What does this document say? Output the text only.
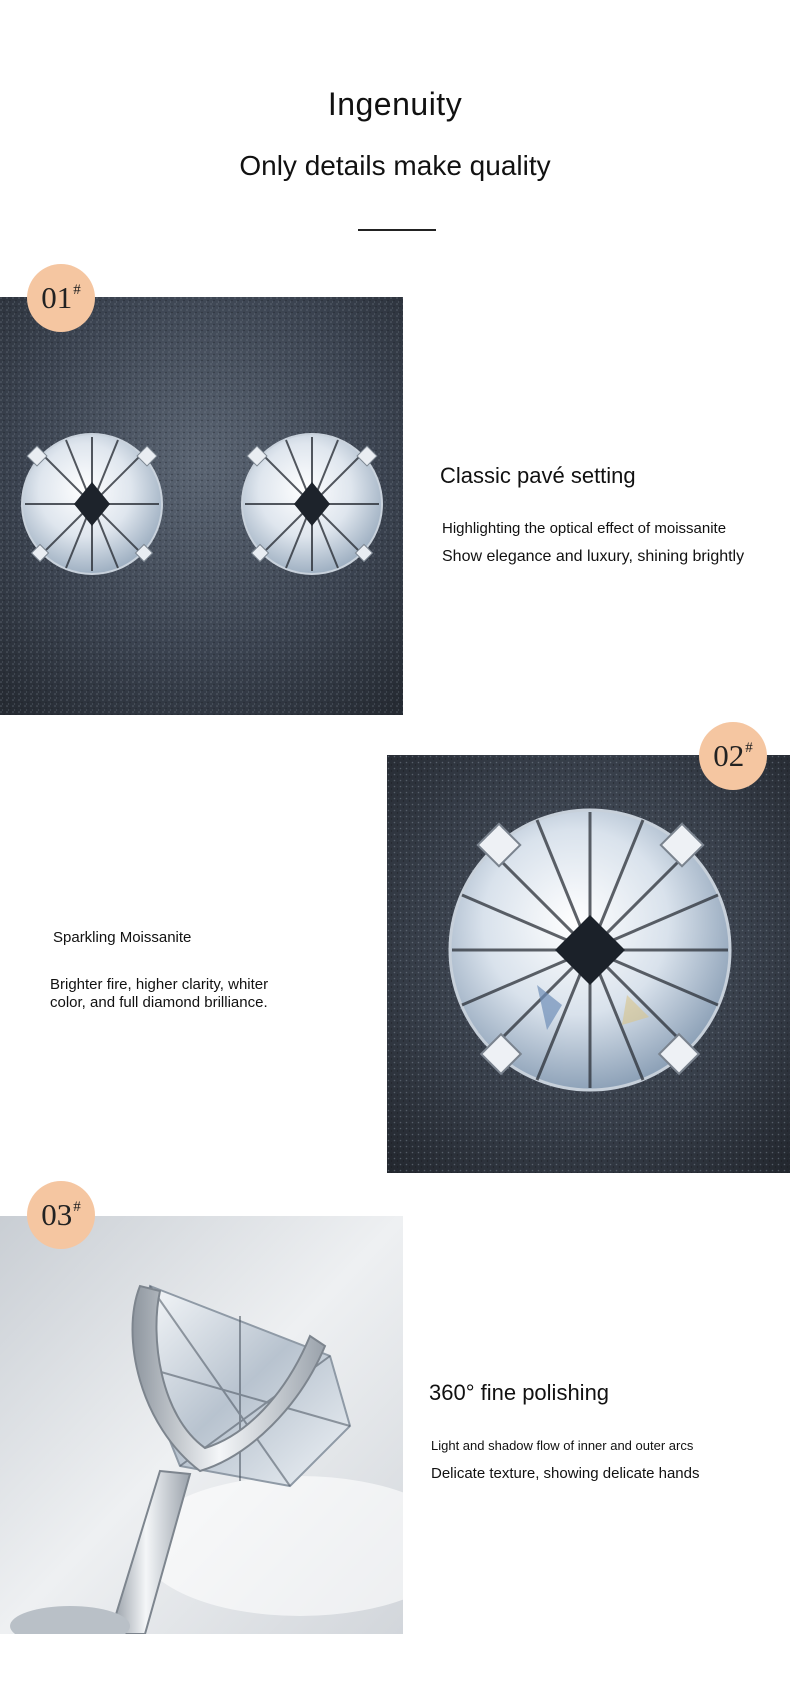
Ingenuity
Only details make quality
01 #
Classic pavé setting
Highlighting the optical effect of moissanite
Show elegance and luxury, shining brightly
02 #
Sparkling Moissanite
Brighter fire, higher clarity, whiter color, and full diamond brilliance.
03 #
360° fine polishing
Light and shadow flow of inner and outer arcs
Delicate texture, showing delicate hands
